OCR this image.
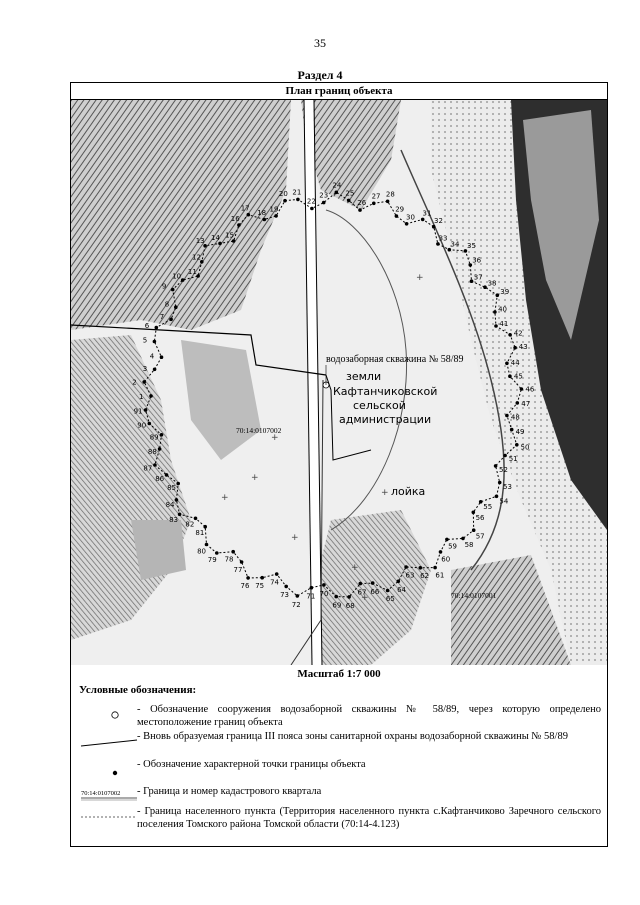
35
Раздел 4
План границ объекта
+
+
+
+
+
+
+
+
1
2
3
4
5
6
7
8
9
10
11
12
13 14 15
16
17
18 19
20 21
22
23
24
25
26
27 28
29
30
31
32
33
34 35
36
37
38
39
40
41
42
43
44
45
46
47
48
49
50
51
52
53
54
55
56
57
58
59
60
61
62
63
64
65
66
67
68
69
70
71
72
73
74
75
76
77
78
79
80
81
82
83
84
85
86
87
88
89
90
91
водозаборная скважина № 58/89
земли
Кафтанчиковской
сельской
администрации
лойка
70:14:0107002
70:14:0107001
Масштаб 1:7 000
Условные обозначения:
- Обозначение сооружения водозаборной скважины № 58/89, через которую определено местоположение границ объекта
- Вновь образуемая граница III пояса зоны санитарной охраны водозаборной скважины № 58/89
- Обозначение характерной точки границы объекта
70:14:0107002 - Граница и номер кадастрового квартала
- Граница населенного пункта (Территория населенного пункта с.Кафтанчиково Заречного сельского поселения Томского района Томской области (70:14-4.123)
